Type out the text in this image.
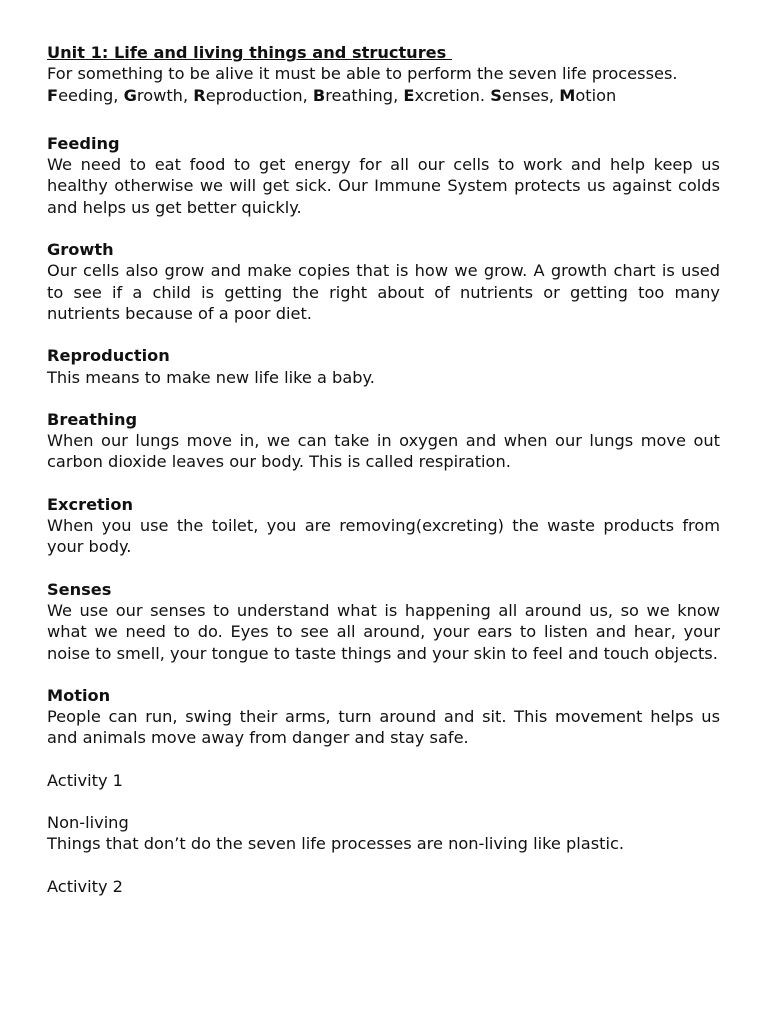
Unit 1: Life and living things and structures

For something to be alive it must be able to perform the seven life processes.

Feeding, Growth, Reproduction, Breathing, Excretion. Senses, Motion

Feeding

We need to eat food to get energy for all our cells to work and help keep us healthy otherwise we will get sick. Our Immune System protects us against colds and helps us get better quickly.

Growth

Our cells also grow and make copies that is how we grow. A growth chart is used to see if a child is getting the right about of nutrients or getting too many nutrients because of a poor diet.

Reproduction

This means to make new life like a baby.

Breathing

When our lungs move in, we can take in oxygen and when our lungs move out carbon dioxide leaves our body. This is called respiration.

Excretion

When you use the toilet, you are removing(excreting) the waste products from your body.

Senses

We use our senses to understand what is happening all around us, so we know what we need to do. Eyes to see all around, your ears to listen and hear, your noise to smell, your tongue to taste things and your skin to feel and touch objects.

Motion

People can run, swing their arms, turn around and sit. This movement helps us and animals move away from danger and stay safe.

Activity 1

Non-living

Things that don’t do the seven life processes are non-living like plastic.

Activity 2
